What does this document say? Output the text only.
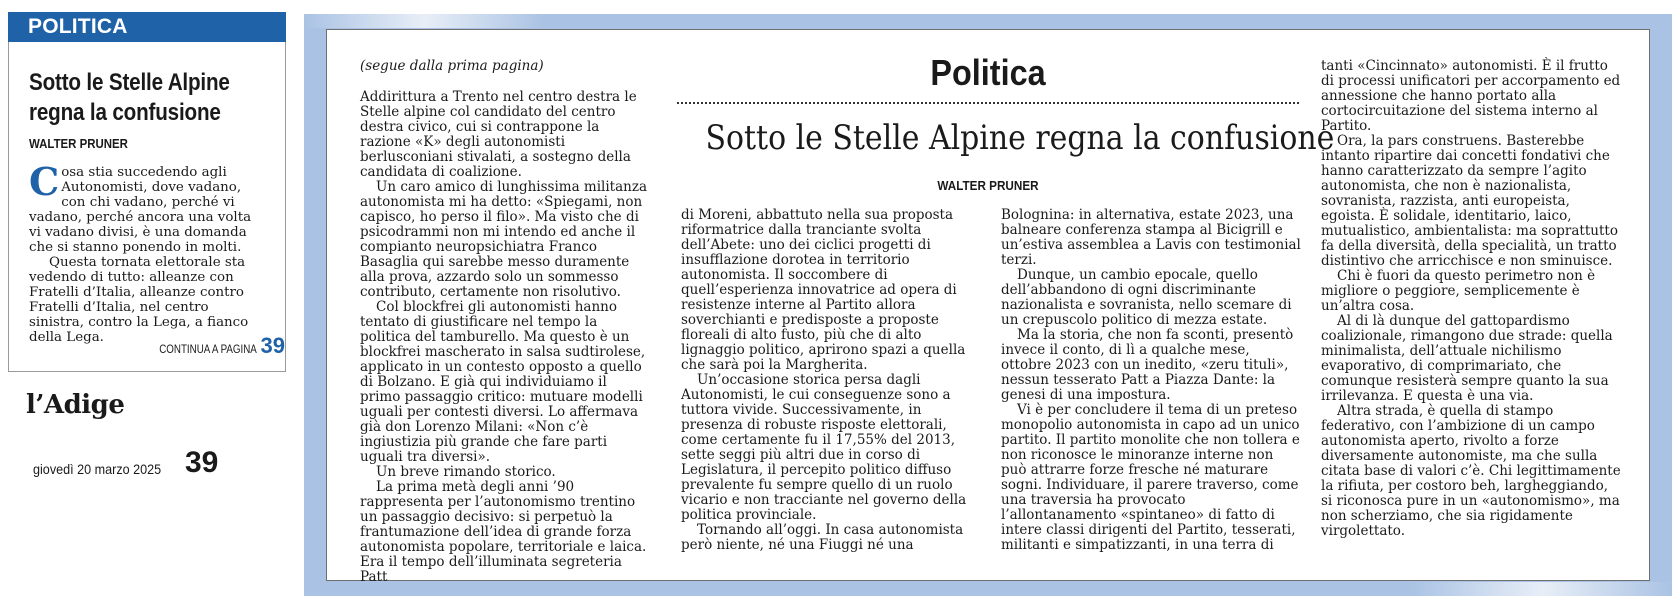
POLITICA
Sotto le Stelle Alpine regna la confusione
WALTER PRUNER

Cosa stia succedendo agli Autonomisti, dove vadano, con chi vadano, perché vi vadano, perché ancora una volta vi vadano divisi, è una domanda che si stanno ponendo in molti.

Questa tornata elettorale sta vedendo di tutto: alleanze con Fratelli d’Italia, alleanze contro Fratelli d’Italia, nel centro sinistra, contro la Lega, a fianco della Lega.

CONTINUA A PAGINA 39
l’Adige
giovedì 20 marzo 2025 39

(segue dalla prima pagina)

Addirittura a Trento nel centro destra le Stelle alpine col candidato del centro destra civico, cui si contrappone la razione «K» degli autonomisti berlusconiani stivalati, a sostegno della candidata di coalizione.

Un caro amico di lunghissima militanza autonomista mi ha detto: «Spiegami, non capisco, ho perso il filo». Ma visto che di psicodrammi non mi intendo ed anche il compianto neuropsichiatra Franco Basaglia qui sarebbe messo duramente alla prova, azzardo solo un sommesso contributo, certamente non risolutivo.

Col blockfrei gli autonomisti hanno tentato di giustificare nel tempo la politica del tamburello. Ma questo è un blockfrei mascherato in salsa sudtirolese, applicato in un contesto opposto a quello di Bolzano. E già qui individuiamo il primo passaggio critico: mutuare modelli uguali per contesti diversi. Lo affermava già don Lorenzo Milani: «Non c’è ingiustizia più grande che fare parti uguali tra diversi».

Un breve rimando storico.

La prima metà degli anni ’90 rappresenta per l’autonomismo trentino un passaggio decisivo: si perpetuò la frantumazione dell’idea di grande forza autonomista popolare, territoriale e laica. Era il tempo dell’illuminata segreteria Patt

Politica
Sotto le Stelle Alpine regna la confusione
WALTER PRUNER

di Moreni, abbattuto nella sua proposta riformatrice dalla tranciante svolta dell’Abete: uno dei ciclici progetti di insufflazione dorotea in territorio autonomista. Il soccombere di quell’esperienza innovatrice ad opera di resistenze interne al Partito allora soverchianti e predisposte a proposte floreali di alto fusto, più che di alto lignaggio politico, aprirono spazi a quella che sarà poi la Margherita.

Un’occasione storica persa dagli Autonomisti, le cui conseguenze sono a tuttora vivide. Successivamente, in presenza di robuste risposte elettorali, come certamente fu il 17,55% del 2013, sette seggi più altri due in corso di Legislatura, il percepito politico diffuso prevalente fu sempre quello di un ruolo vicario e non tracciante nel governo della politica provinciale.

Tornando all’oggi. In casa autonomista però niente, né una Fiuggi né una

Bolognina: in alternativa, estate 2023, una balneare conferenza stampa al Bicigrill e un’estiva assemblea a Lavis con testimonial terzi.

Dunque, un cambio epocale, quello dell’abbandono di ogni discriminante nazionalista e sovranista, nello scemare di un crepuscolo politico di mezza estate.

Ma la storia, che non fa sconti, presentò invece il conto, di lì a qualche mese, ottobre 2023 con un inedito, «zeru tituli», nessun tesserato Patt a Piazza Dante: la genesi di una impostura.

Vi è per concludere il tema di un preteso monopolio autonomista in capo ad un unico partito. Il partito monolite che non tollera e non riconosce le minoranze interne non può attrarre forze fresche né maturare sogni. Individuare, il parere traverso, come una traversia ha provocato l’allontanamento «spintaneo» di fatto di intere classi dirigenti del Partito, tesserati, militanti e simpatizzanti, in una terra di

tanti «Cincinnato» autonomisti. È il frutto di processi unificatori per accorpamento ed annessione che hanno portato alla cortocircuitazione del sistema interno al Partito.

Ora, la pars construens. Basterebbe intanto ripartire dai concetti fondativi che hanno caratterizzato da sempre l’agito autonomista, che non è nazionalista, sovranista, razzista, anti europeista, egoista. È solidale, identitario, laico, mutualistico, ambientalista: ma soprattutto fa della diversità, della specialità, un tratto distintivo che arricchisce e non sminuisce.

Chi è fuori da questo perimetro non è migliore o peggiore, semplicemente è un’altra cosa.

Al di là dunque del gattopardismo coalizionale, rimangono due strade: quella minimalista, dell’attuale nichilismo evaporativo, di comprimariato, che comunque resisterà sempre quanto la sua irrilevanza. E questa è una via.

Altra strada, è quella di stampo federativo, con l’ambizione di un campo autonomista aperto, rivolto a forze diversamente autonomiste, ma che sulla citata base di valori c’è. Chi legittimamente la rifiuta, per costoro beh, largheggiando, si riconosca pure in un «autonomismo», ma non scherziamo, che sia rigidamente virgolettato.
